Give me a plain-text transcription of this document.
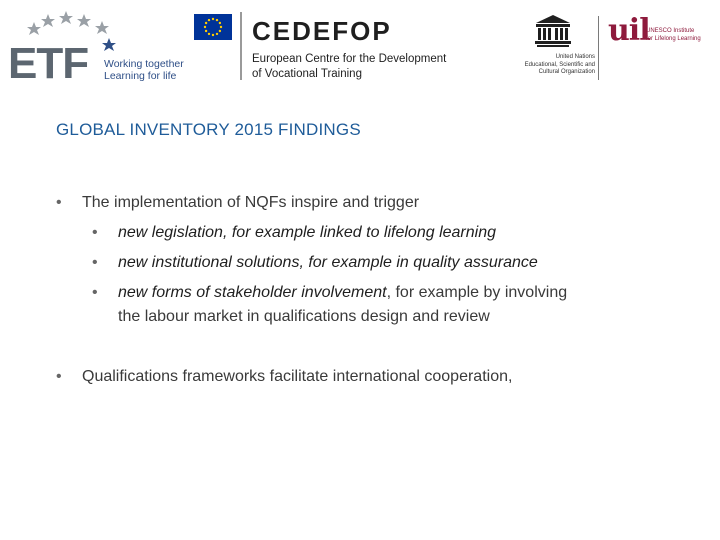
ETF Working together
Learning for life
CEDEFOP
European Centre for the Development
of Vocational Training
United Nations
Educational, Scientific and
Cultural Organization
uil
UNESCO Institute
for Lifelong Learning
GLOBAL INVENTORY 2015 FINDINGS
• The implementation of NQFs inspire and trigger
• new legislation, for example linked to lifelong learning
• new institutional solutions, for example in quality assurance
• new forms of stakeholder involvement, for example by involving
the labour market in qualifications design and review
• Qualifications frameworks facilitate international cooperation,
